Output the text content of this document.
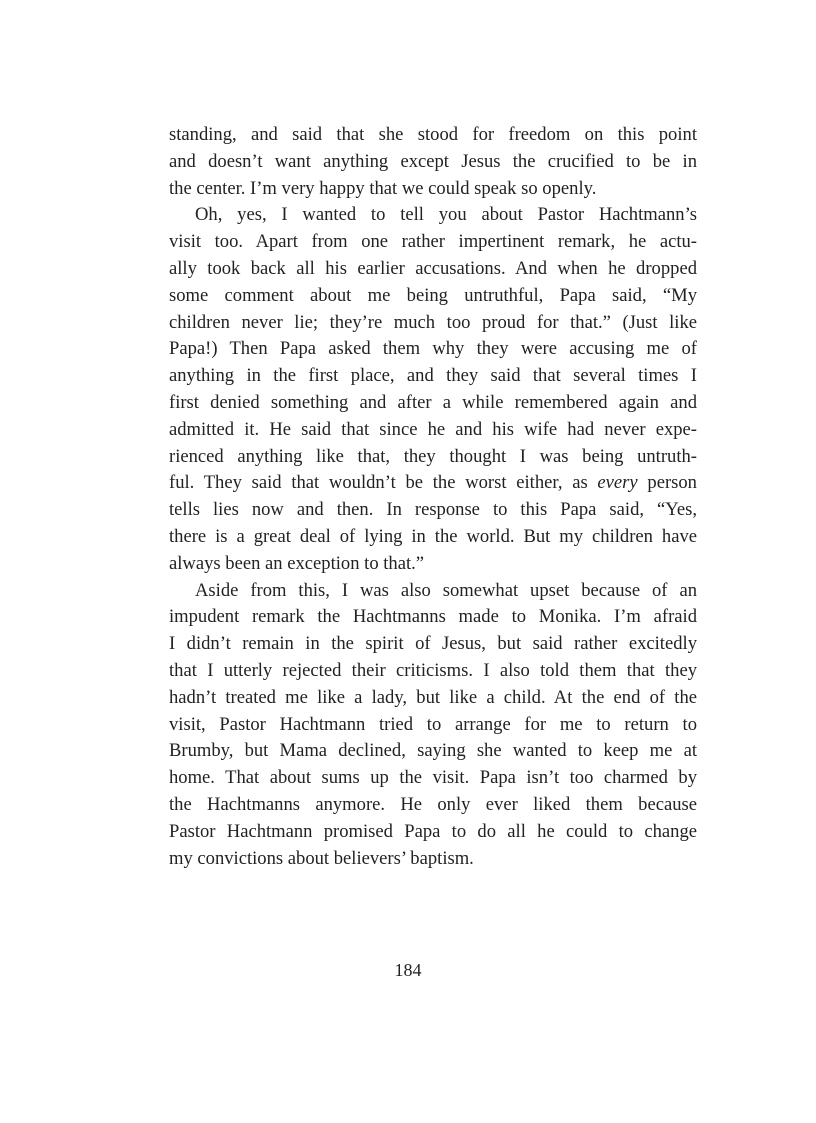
standing, and said that she stood for freedom on this point
and doesn’t want anything except Jesus the crucified to be in
the center. I’m very happy that we could speak so openly.

Oh, yes, I wanted to tell you about Pastor Hachtmann’s
visit too. Apart from one rather impertinent remark, he actu-
ally took back all his earlier accusations. And when he dropped
some comment about me being untruthful, Papa said, “My
children never lie; they’re much too proud for that.” (Just like
Papa!) Then Papa asked them why they were accusing me of
anything in the first place, and they said that several times I
first denied something and after a while remembered again and
admitted it. He said that since he and his wife had never expe-
rienced anything like that, they thought I was being untruth-
ful. They said that wouldn’t be the worst either, as every person
tells lies now and then. In response to this Papa said, “Yes,
there is a great deal of lying in the world. But my children have
always been an exception to that.”

Aside from this, I was also somewhat upset because of an
impudent remark the Hachtmanns made to Monika. I’m afraid
I didn’t remain in the spirit of Jesus, but said rather excitedly
that I utterly rejected their criticisms. I also told them that they
hadn’t treated me like a lady, but like a child. At the end of the
visit, Pastor Hachtmann tried to arrange for me to return to
Brumby, but Mama declined, saying she wanted to keep me at
home. That about sums up the visit. Papa isn’t too charmed by
the Hachtmanns anymore. He only ever liked them because
Pastor Hachtmann promised Papa to do all he could to change
my convictions about believers’ baptism.

184
